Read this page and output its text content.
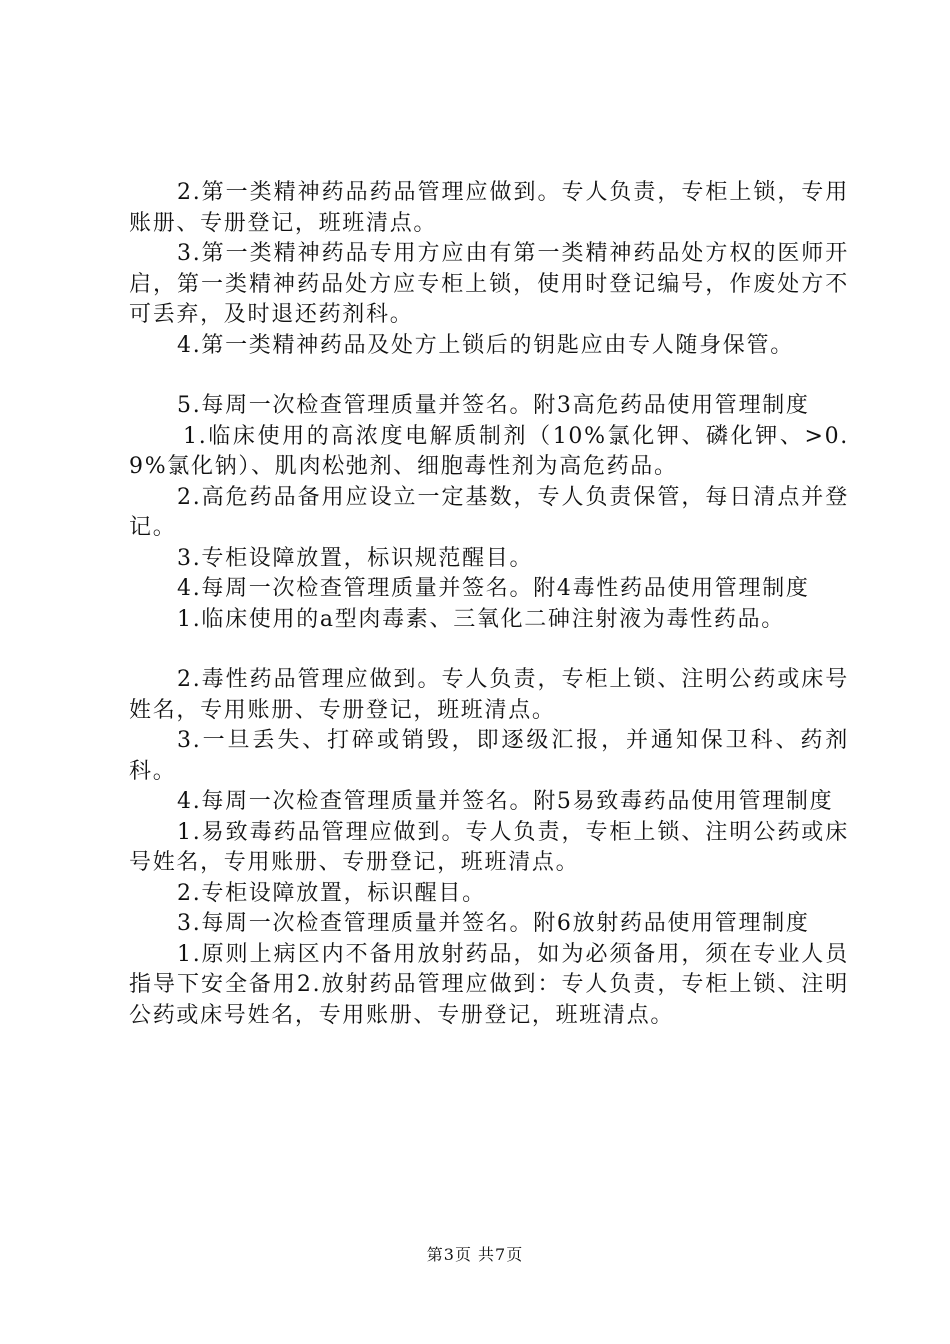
2.第一类精神药品药品管理应做到。专人负责，专柜上锁，专用账册、专册登记，班班清点。

3.第一类精神药品专用方应由有第一类精神药品处方权的医师开启，第一类精神药品处方应专柜上锁，使用时登记编号，作废处方不可丢弃，及时退还药剂科。

4.第一类精神药品及处方上锁后的钥匙应由专人随身保管。

5.每周一次检查管理质量并签名。附3高危药品使用管理制度

1.临床使用的高浓度电解质制剂（10%氯化钾、磷化钾、>0.9%氯化钠）、肌肉松弛剂、细胞毒性剂为高危药品。

2.高危药品备用应设立一定基数，专人负责保管，每日清点并登记。

3.专柜设障放置，标识规范醒目。

4.每周一次检查管理质量并签名。附4毒性药品使用管理制度

1.临床使用的a型肉毒素、三氧化二砷注射液为毒性药品。

2.毒性药品管理应做到。专人负责，专柜上锁、注明公药或床号姓名，专用账册、专册登记，班班清点。

3.一旦丢失、打碎或销毁，即逐级汇报，并通知保卫科、药剂科。

4.每周一次检查管理质量并签名。附5易致毒药品使用管理制度

1.易致毒药品管理应做到。专人负责，专柜上锁、注明公药或床号姓名，专用账册、专册登记，班班清点。

2.专柜设障放置，标识醒目。

3.每周一次检查管理质量并签名。附6放射药品使用管理制度

1.原则上病区内不备用放射药品，如为必须备用，须在专业人员指导下安全备用2.放射药品管理应做到：专人负责，专柜上锁、注明公药或床号姓名，专用账册、专册登记，班班清点。

第3页 共7页
